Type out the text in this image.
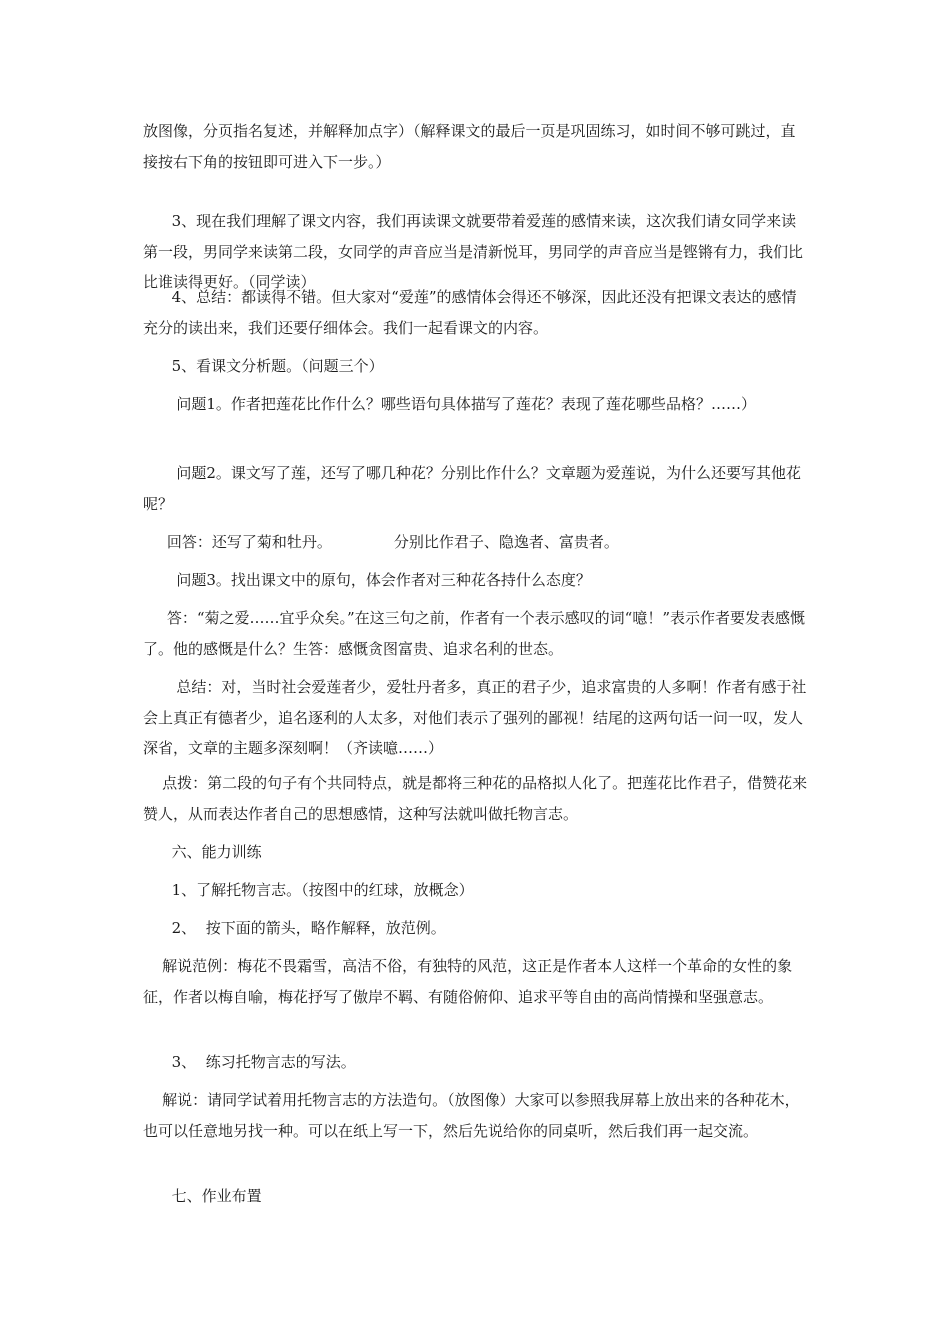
放图像，分页指名复述，并解释加点字）（解释课文的最后一页是巩固练习，如时间不够可跳过，直接按右下角的按钮即可进入下一步。）

3、现在我们理解了课文内容，我们再读课文就要带着爱莲的感情来读，这次我们请女同学来读第一段，男同学来读第二段，女同学的声音应当是清新悦耳，男同学的声音应当是铿锵有力，我们比比谁读得更好。（同学读）

4、总结：都读得不错。但大家对“爱莲”的感情体会得还不够深，因此还没有把课文表达的感情充分的读出来，我们还要仔细体会。我们一起看课文的内容。

5、看课文分析题。（问题三个）

问题1。作者把莲花比作什么？哪些语句具体描写了莲花？表现了莲花哪些品格？……）

问题2。课文写了莲，还写了哪几种花？分别比作什么？文章题为爱莲说，为什么还要写其他花呢？

回答：还写了菊和牡丹。             分别比作君子、隐逸者、富贵者。

问题3。找出课文中的原句，体会作者对三种花各持什么态度？

答：“菊之爱……宜乎众矣。”在这三句之前，作者有一个表示感叹的词“噫！”表示作者要发表感慨了。他的感慨是什么？生答：感慨贪图富贵、追求名利的世态。

总结：对，当时社会爱莲者少，爱牡丹者多，真正的君子少，追求富贵的人多啊！作者有感于社会上真正有德者少，追名逐利的人太多，对他们表示了强列的鄙视！结尾的这两句话一问一叹，发人深省，文章的主题多深刻啊！（齐读噫……）

点拨：第二段的句子有个共同特点，就是都将三种花的品格拟人化了。把莲花比作君子，借赞花来赞人，从而表达作者自己的思想感情，这种写法就叫做托物言志。

六、能力训练

1、了解托物言志。（按图中的红球，放概念）

2、  按下面的箭头，略作解释，放范例。

解说范例：梅花不畏霜雪，高洁不俗，有独特的风范，这正是作者本人这样一个革命的女性的象征，作者以梅自喻，梅花抒写了傲岸不羁、有随俗俯仰、追求平等自由的高尚情操和坚强意志。

3、  练习托物言志的写法。

解说：请同学试着用托物言志的方法造句。（放图像）大家可以参照我屏幕上放出来的各种花木，也可以任意地另找一种。可以在纸上写一下，然后先说给你的同桌听，然后我们再一起交流。

七、作业布置
